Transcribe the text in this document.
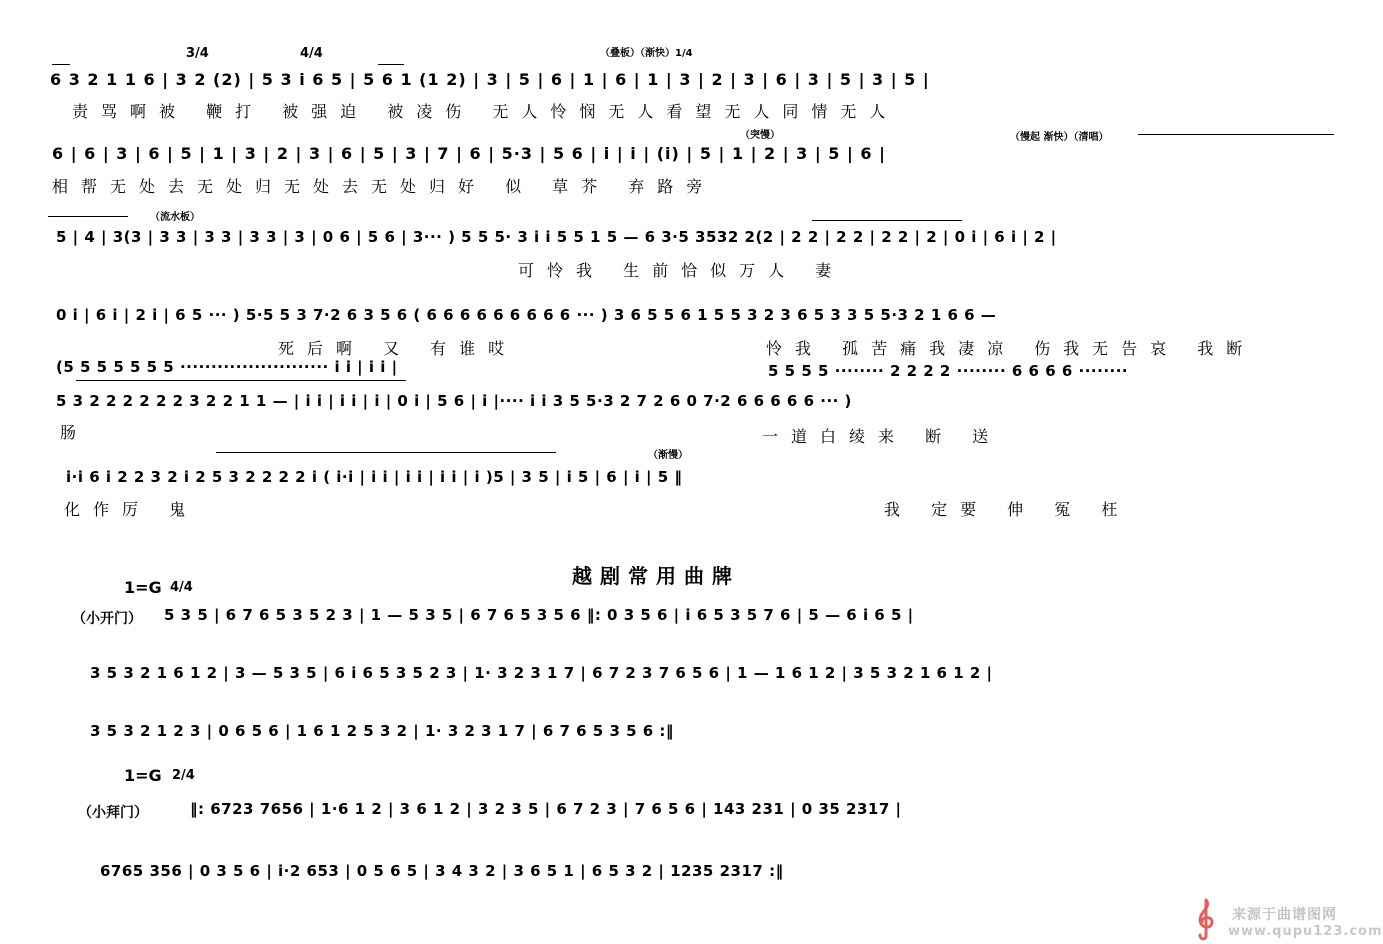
3/4	4/4	（叠板）（渐快）1/4
6 3 2 1 1 6 | 3 2 (2) | 5 3 i 6 5 | 5 6 1 (1 2) | 3 | 5 | 6 | 1 | 6 | 1 | 3 | 2 | 3 | 6 | 3 | 5 | 3 | 5 |
责骂啊被 鞭打 被强迫 被凌伤 无人怜悯无人看望无人同情无人
（突慢）	（慢起 渐快）（清唱）
6 | 6 | 3 | 6 | 5 | 1 | 3 | 2 | 3 | 6 | 5 | 3 | 7 | 6 | 5·3 | 5 6 | i | i | (i) | 5 | 1 | 2 | 3 | 5 | 6 |
相帮无处去无处归无处去无处归好 似 草芥 弃路旁
（流水板）
5 | 4 | 3(3 | 3 3 | 3 3 | 3 3 | 3 | 0 6 | 5 6 | 3··· ) 5 5 5· 3 i i 5 5 1 5 — 6 3·5 3532 2(2 | 2 2 | 2 2 | 2 2 | 2 | 0 i | 6 i | 2 |
可怜我 生前恰似万人 妻
0 i | 6 i | 2 i | 6 5 ··· ) 5·5 5 3 7·2 6 3 5 6 ( 6 6 6 6 6 6 6 6 6 ··· ) 3 6 5 5 6 1 5 5 3 2 3 6 5 3 3 5 5·3 2 1 6 6 —
死后啊 又 有谁哎	怜我 孤苦痛我凄凉 伤我无告哀 我断
(5 5 5 5 5 5 5 ························ i i | i i |	5 5 5 5 ········ 2 2 2 2 ········ 6 6 6 6 ········
5 3 2 2 2 2 2 2 3 2 2 1 1 — | i i | i i | i | 0 i | 5 6 | i |···· i i 3 5 5·3 2 7 2 6 0 7·2 6 6 6 6 6 ··· )
肠	一道白绫来 断 送
（渐慢）
i·i 6 i 2 2 3 2 i 2 5 3 2 2 2 2 i ( i·i | i i | i i | i i | i )5 | 3 5 | i 5 | 6 | i | 5 ‖
化作厉 鬼	我 定要 伸 冤 枉
越剧常用曲牌
1=G 4/4
（小开门） 5 3 5 | 6 7 6 5 3 5 2 3 | 1 — 5 3 5 | 6 7 6 5 3 5 6 ‖: 0 3 5 6 | i 6 5 3 5 7 6 | 5 — 6 i 6 5 |
3 5 3 2 1 6 1 2 | 3 — 5 3 5 | 6 i 6 5 3 5 2 3 | 1· 3 2 3 1 7 | 6 7 2 3 7 6 5 6 | 1 — 1 6 1 2 | 3 5 3 2 1 6 1 2 |
3 5 3 2 1 2 3 | 0 6 5 6 | 1 6 1 2 5 3 2 | 1· 3 2 3 1 7 | 6 7 6 5 3 5 6 :‖
1=G 2/4
（小拜门）	‖: 6723 7656 | 1·6 1 2 | 3 6 1 2 | 3 2 3 5 | 6 7 2 3 | 7 6 5 6 | 143 231 | 0 35 2317 |
6765 356 | 0 3 5 6 | i·2 653 | 0 5 6 5 | 3 4 3 2 | 3 6 5 1 | 6 5 3 2 | 1235 2317 :‖
来源于曲谱图网
www.qupu123.com
